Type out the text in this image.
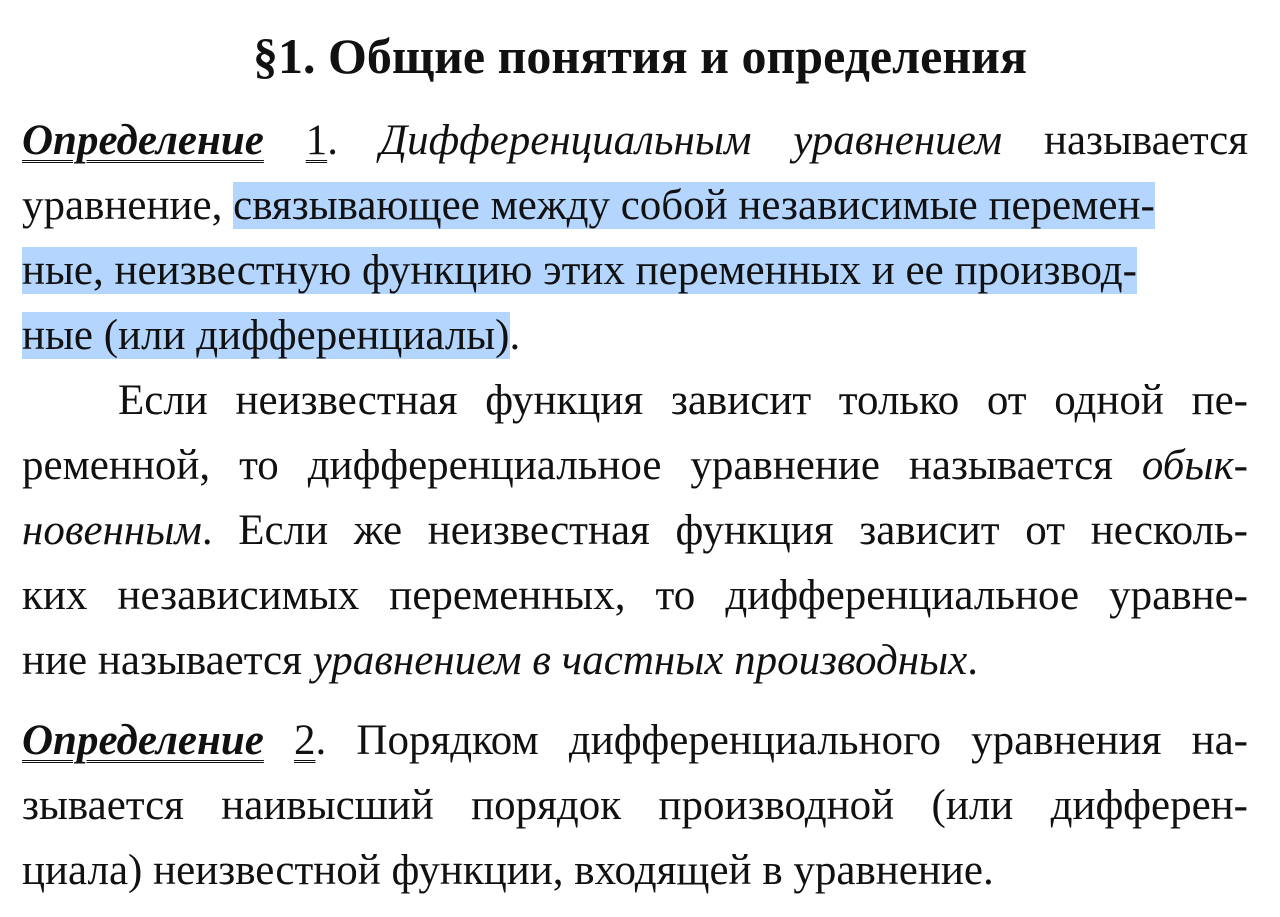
§1. Общие понятия и определения
Определение 1. Дифференциальным уравнением называется
уравнение, связывающее между собой независимые перемен-
ные, неизвестную функцию этих переменных и ее производ-
ные (или дифференциалы).
Если неизвестная функция зависит только от одной пе-
ременной, то дифференциальное уравнение называется обык-
новенным. Если же неизвестная функция зависит от несколь-
ких независимых переменных, то дифференциальное уравне-
ние называется уравнением в частных производных.
Определение 2. Порядком дифференциального уравнения на-
зывается наивысший порядок производной (или дифферен-
циала) неизвестной функции, входящей в уравнение.
